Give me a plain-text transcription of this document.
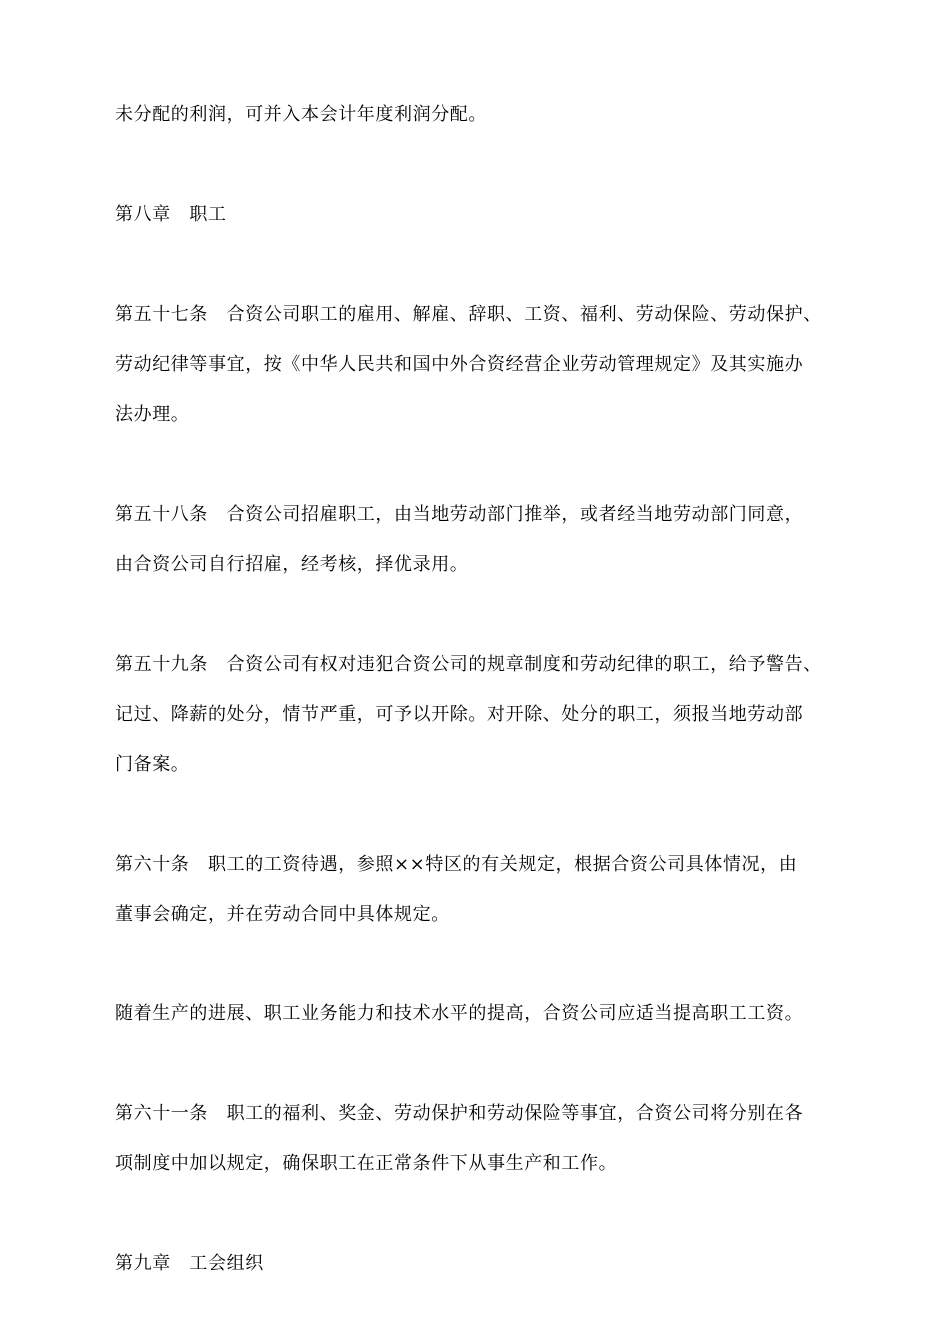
未分配的利润，可并入本会计年度利润分配。
第八章　职工
第五十七条　合资公司职工的雇用、解雇、辞职、工资、福利、劳动保险、劳动保护、
劳动纪律等事宜，按《中华人民共和国中外合资经营企业劳动管理规定》及其实施办
法办理。
第五十八条　合资公司招雇职工，由当地劳动部门推举，或者经当地劳动部门同意，
由合资公司自行招雇，经考核，择优录用。
第五十九条　合资公司有权对违犯合资公司的规章制度和劳动纪律的职工，给予警告、
记过、降薪的处分，情节严重，可予以开除。对开除、处分的职工，须报当地劳动部
门备案。
第六十条　职工的工资待遇，参照××特区的有关规定，根据合资公司具体情况，由
董事会确定，并在劳动合同中具体规定。
随着生产的进展、职工业务能力和技术水平的提高，合资公司应适当提高职工工资。
第六十一条　职工的福利、奖金、劳动保护和劳动保险等事宜，合资公司将分别在各
项制度中加以规定，确保职工在正常条件下从事生产和工作。
第九章　工会组织
